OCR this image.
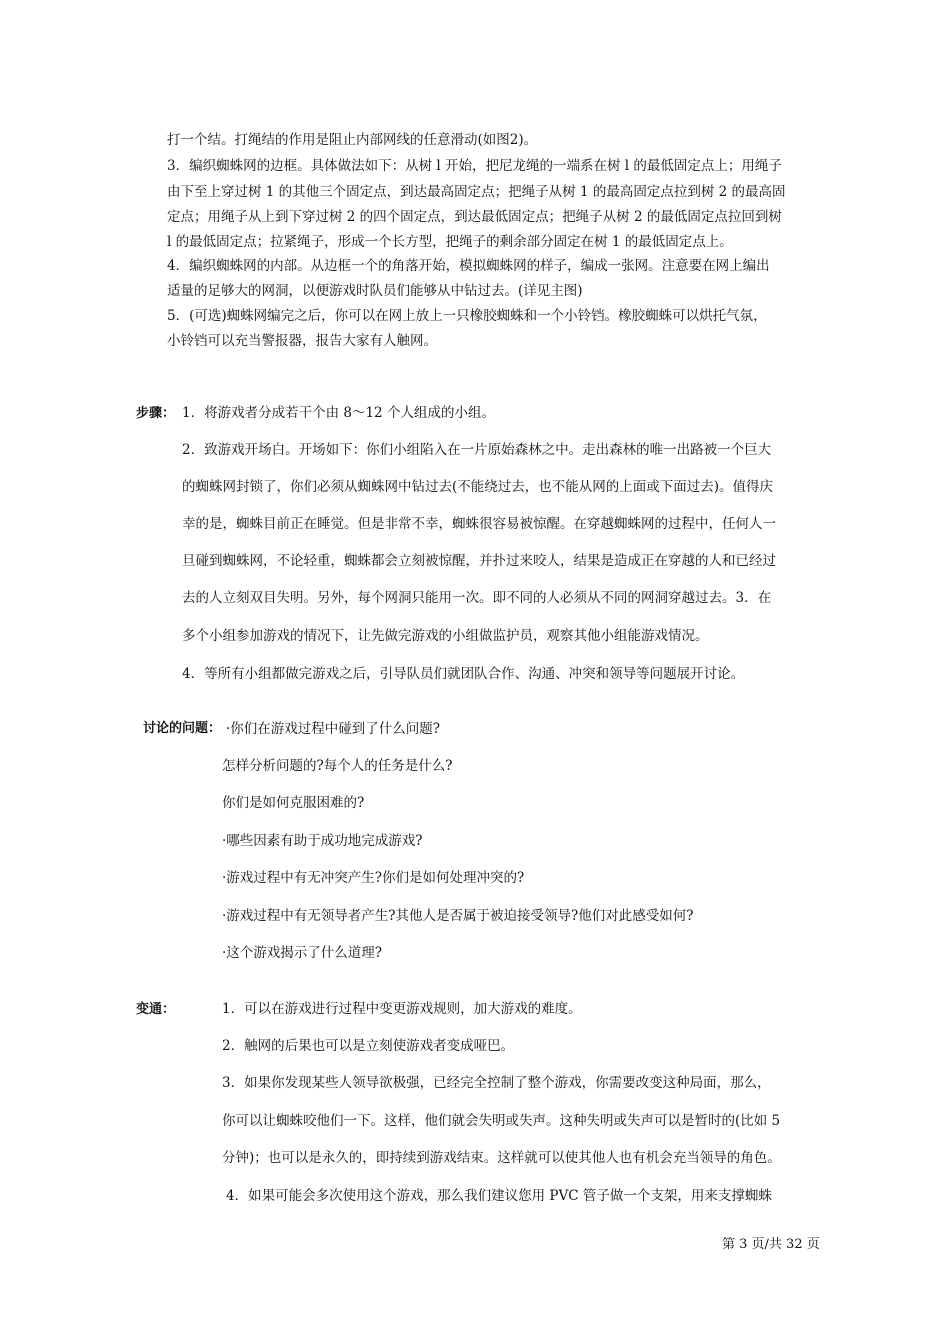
打一个结。打绳结的作用是阻止内部网线的任意滑动(如图2)。
3．编织蜘蛛网的边框。具体做法如下：从树 l 开始，把尼龙绳的一端系在树 l 的最低固定点上；用绳子
由下至上穿过树 1 的其他三个固定点，到达最高固定点；把绳子从树 1 的最高固定点拉到树 2 的最高固
定点；用绳子从上到下穿过树 2 的四个固定点，到达最低固定点；把绳子从树 2 的最低固定点拉回到树
l 的最低固定点；拉紧绳子，形成一个长方型，把绳子的剩余部分固定在树 1 的最低固定点上。
4．编织蜘蛛网的内部。从边框一个的角落开始，模拟蜘蛛网的样子，编成一张网。注意要在网上编出
适量的足够大的网洞，以便游戏时队员们能够从中钻过去。(详见主图)
5．(可选)蜘蛛网编完之后，你可以在网上放上一只橡胶蜘蛛和一个小铃铛。橡胶蜘蛛可以烘托气氛，
小铃铛可以充当警报器，报告大家有人触网。
步骤： 1．将游戏者分成若干个由 8～12 个人组成的小组。
2．致游戏开场白。开场如下：你们小组陷入在一片原始森林之中。走出森林的唯一出路被一个巨大
的蜘蛛网封锁了，你们必须从蜘蛛网中钻过去(不能绕过去，也不能从网的上面或下面过去)。值得庆
幸的是，蜘蛛目前正在睡觉。但是非常不幸，蜘蛛很容易被惊醒。在穿越蜘蛛网的过程中，任何人一
旦碰到蜘蛛网，不论轻重，蜘蛛都会立刻被惊醒，并扑过来咬人，结果是造成正在穿越的人和已经过
去的人立刻双目失明。另外，每个网洞只能用一次。即不同的人必须从不同的网洞穿越过去。3．在
多个小组参加游戏的情况下，让先做完游戏的小组做监护员，观察其他小组能游戏情况。
4．等所有小组都做完游戏之后，引导队员们就团队合作、沟通、冲突和领导等问题展开讨论。
讨论的问题： ·你们在游戏过程中碰到了什么问题?
怎样分析问题的?每个人的任务是什么?
你们是如何克服困难的?
·哪些因素有助于成功地完成游戏?
·游戏过程中有无冲突产生?你们是如何处理冲突的?
·游戏过程中有无领导者产生?其他人是否属于被迫接受领导?他们对此感受如何?
·这个游戏揭示了什么道理?
变通：	1．可以在游戏进行过程中变更游戏规则，加大游戏的难度。
2．触网的后果也可以是立刻使游戏者变成哑巴。
3．如果你发现某些人领导欲极强，已经完全控制了整个游戏，你需要改变这种局面，那么，
你可以让蜘蛛咬他们一下。这样，他们就会失明或失声。这种失明或失声可以是暂时的(比如 5
分钟)；也可以是永久的，即持续到游戏结束。这样就可以使其他人也有机会充当领导的角色。
4．如果可能会多次使用这个游戏，那么我们建议您用 PVC 管子做一个支架，用来支撑蜘蛛
第 3 页/共 32 页
